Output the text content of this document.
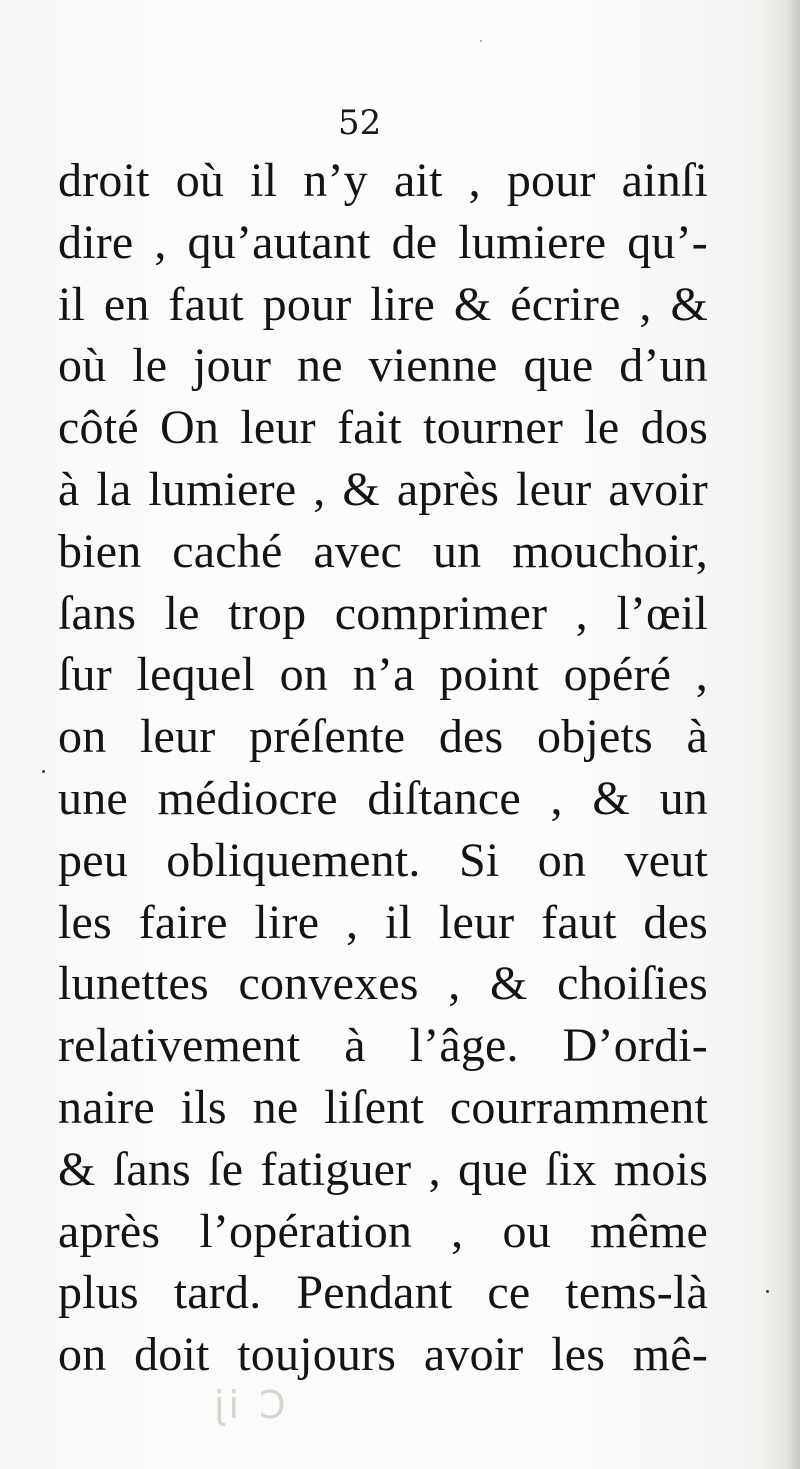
52
droit où il n’y ait , pour ainſi
dire , qu’autant de lumiere qu’-
il en faut pour lire & écrire , &
où le jour ne vienne que d’un
côté On leur fait tourner le dos
à la lumiere , & après leur avoir
bien caché avec un mouchoir,
ſans le trop comprimer , l’œil
ſur lequel on n’a point opéré ,
on leur préſente des objets à
une médiocre diſtance , & un
peu obliquement. Si on veut
les faire lire , il leur faut des
lunettes convexes , & choiſies
relativement à l’âge. D’ordi-
naire ils ne liſent courramment
& ſans ſe fatiguer , que ſix mois
après l’opération , ou même
plus tard. Pendant ce tems-là
on doit toujours avoir les mê-
C ij
